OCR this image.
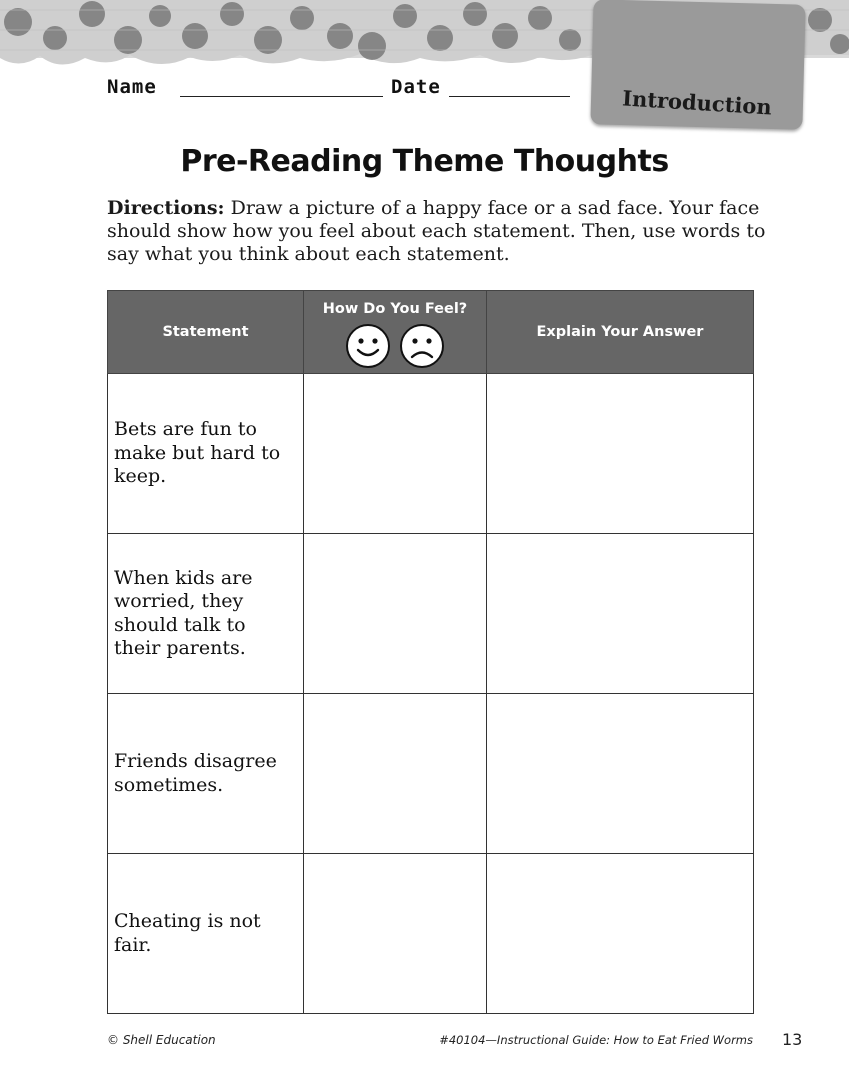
Introduction
Name	Date
Pre-Reading Theme Thoughts
Directions: Draw a picture of a happy face or a sad face. Your face should show how you feel about each statement. Then, use words to say what you think about each statement.
Statement	How Do You Feel?	Explain Your Answer

Bets are fun to make but hard to keep.		

When kids are worried, they should talk to their parents.		

Friends disagree sometimes.		

Cheating is not fair.		

© Shell Education	#40104—Instructional Guide: How to Eat Fried Worms 13
